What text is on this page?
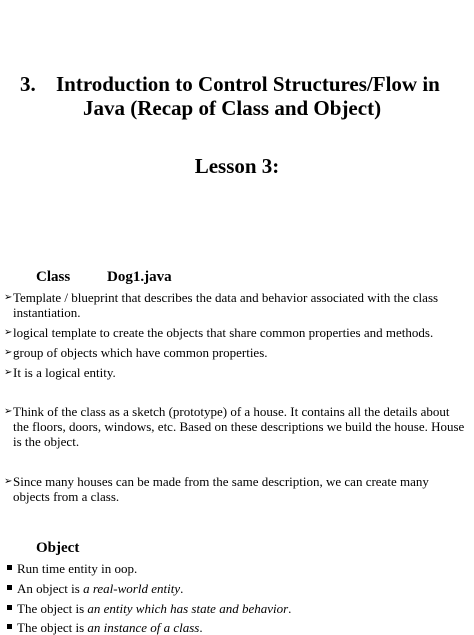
3. Introduction to Control Structures/Flow in
Java (Recap of Class and Object)
Lesson 3:
Class Dog1.java
➢ Template / blueprint that describes the data and behavior associated with the class instantiation.
➢ logical template to create the objects that share common properties and methods.
➢ group of objects which have common properties.
➢ It is a logical entity.
➢ Think of the class as a sketch (prototype) of a house. It contains all the details about the floors, doors, windows, etc. Based on these descriptions we build the house. House is the object.
➢ Since many houses can be made from the same description, we can create many objects from a class.
Object
Run time entity in oop.
An object is a real-world entity.
The object is an entity which has state and behavior.
The object is an instance of a class.
